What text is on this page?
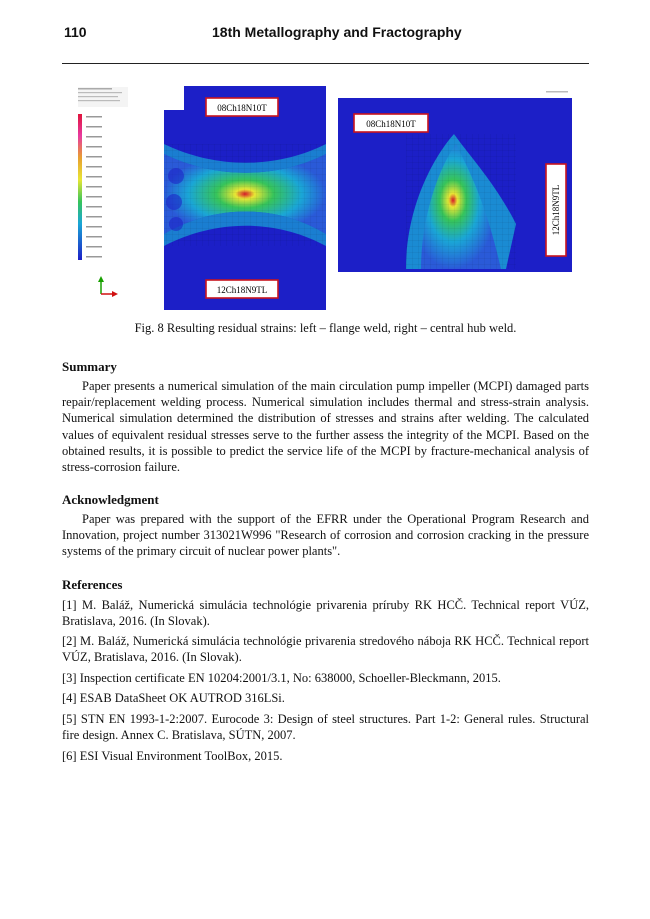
110	18th Metallography and Fractography
08Ch18N10T
12Ch18N9TL
08Ch18N10T
12Ch18N9TL
Fig. 8 Resulting residual strains: left – flange weld, right – central hub weld.
Summary

Paper presents a numerical simulation of the main circulation pump impeller (MCPI) damaged parts repair/replacement welding process. Numerical simulation includes thermal and stress-strain analysis. Numerical simulation determined the distribution of stresses and strains after welding. The calculated values of equivalent residual stresses serve to the further assess the integrity of the MCPI. Based on the obtained results, it is possible to predict the service life of the MCPI by fracture-mechanical analysis of stress-corrosion failure.

Acknowledgment

Paper was prepared with the support of the EFRR under the Operational Program Research and Innovation, project number 313021W996 "Research of corrosion and corrosion cracking in the pressure systems of the primary circuit of nuclear power plants".

References

[1] M. Baláž, Numerická simulácia technológie privarenia príruby RK HCČ. Technical report VÚZ, Bratislava, 2016. (In Slovak).

[2] M. Baláž, Numerická simulácia technológie privarenia stredového náboja RK HCČ. Technical report VÚZ, Bratislava, 2016. (In Slovak).

[3] Inspection certificate EN 10204:2001/3.1, No: 638000, Schoeller-Bleckmann, 2015.

[4] ESAB DataSheet OK AUTROD 316LSi.

[5] STN EN 1993-1-2:2007. Eurocode 3: Design of steel structures. Part 1-2: General rules. Structural fire design. Annex C. Bratislava, SÚTN, 2007.

[6] ESI Visual Environment ToolBox, 2015.
